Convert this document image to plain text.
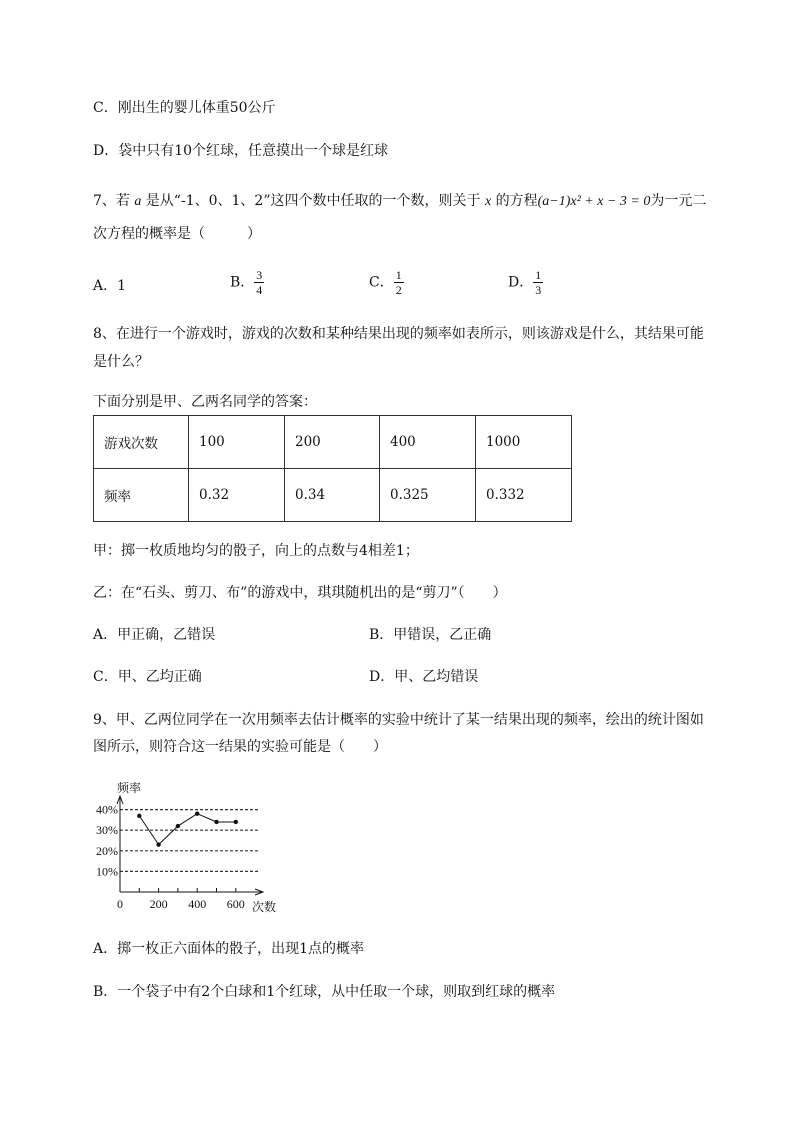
C．刚出生的婴儿体重50公斤
D．袋中只有10个红球，任意摸出一个球是红球
7、若 a 是从“-1、0、1、2”这四个数中任取的一个数，则关于 x 的方程(a−1)x² + x − 3 = 0为一元二
次方程的概率是（　　　）
A．1	B． $\frac{3}{4}$	C． $\frac{1}{2}$	D． $\frac{1}{3}$
8、在进行一个游戏时，游戏的次数和某种结果出现的频率如表所示，则该游戏是什么，其结果可能
是什么？
下面分别是甲、乙两名同学的答案：
游戏次数	100	200	400	1000
频率	0.32	0.34	0.325	0.332
甲：掷一枚质地均匀的骰子，向上的点数与4相差1；
乙：在“石头、剪刀、布”的游戏中，琪琪随机出的是“剪刀”（　　）
A．甲正确，乙错误	B．甲错误，乙正确
C．甲、乙均正确	D．甲、乙均错误
9、甲、乙两位同学在一次用频率去估计概率的实验中统计了某一结果出现的频率，绘出的统计图如
图所示，则符合这一结果的实验可能是（　　）
10%
20%
30%
40%
0 200 400 600
频率
次数
A．掷一枚正六面体的骰子，出现1点的概率
B．一个袋子中有2个白球和1个红球，从中任取一个球，则取到红球的概率
